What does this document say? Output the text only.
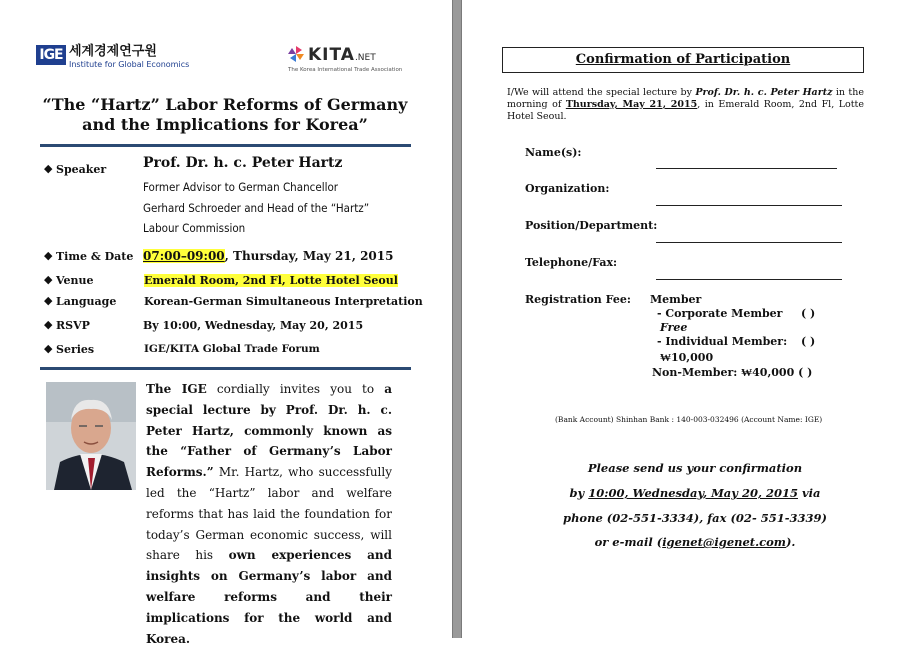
IGE 세계경제연구원
Institute for Global Economics	KITA.NET
The Korea International Trade Association
“The “Hartz” Labor Reforms of Germany
and the Implications for Korea”
◆ Speaker	Prof. Dr. h. c. Peter Hartz
Former Advisor to German Chancellor
Gerhard Schroeder and Head of the “Hartz”
Labour Commission
◆ Time & Date 07:00–09:00, Thursday, May 21, 2015
◆ Venue	Emerald Room, 2nd Fl, Lotte Hotel Seoul
◆ Language	Korean-German Simultaneous Interpretation
◆ RSVP	By 10:00, Wednesday, May 20, 2015
◆ Series	IGE/KITA Global Trade Forum
The IGE cordially invites you to a special lecture by Prof. Dr. h. c. Peter Hartz, commonly known as the “Father of Germany’s Labor Reforms.” Mr. Hartz, who successfully led the “Hartz” labor and welfare reforms that has laid the foundation for today’s German economic success, will share his own experiences and insights on Germany’s labor and welfare reforms and their implications for the world and Korea.
Confirmation of Participation
I/We will attend the special lecture by Prof. Dr. h. c. Peter Hartz in the morning of Thursday, May 21, 2015, in Emerald Room, 2nd Fl, Lotte Hotel Seoul.
Name(s):
Organization:
Position/Department:
Telephone/Fax:
Registration Fee: Member
- Corporate Member ( )
Free
- Individual Member: ( )
₩10,000
Non-Member: ₩40,000 ( )
(Bank Account) Shinhan Bank : 140-003-032496 (Account Name: IGE)
Please send us your confirmation
by 10:00, Wednesday, May 20, 2015 via
phone (02-551-3334), fax (02- 551-3339)
or e-mail (igenet@igenet.com).
